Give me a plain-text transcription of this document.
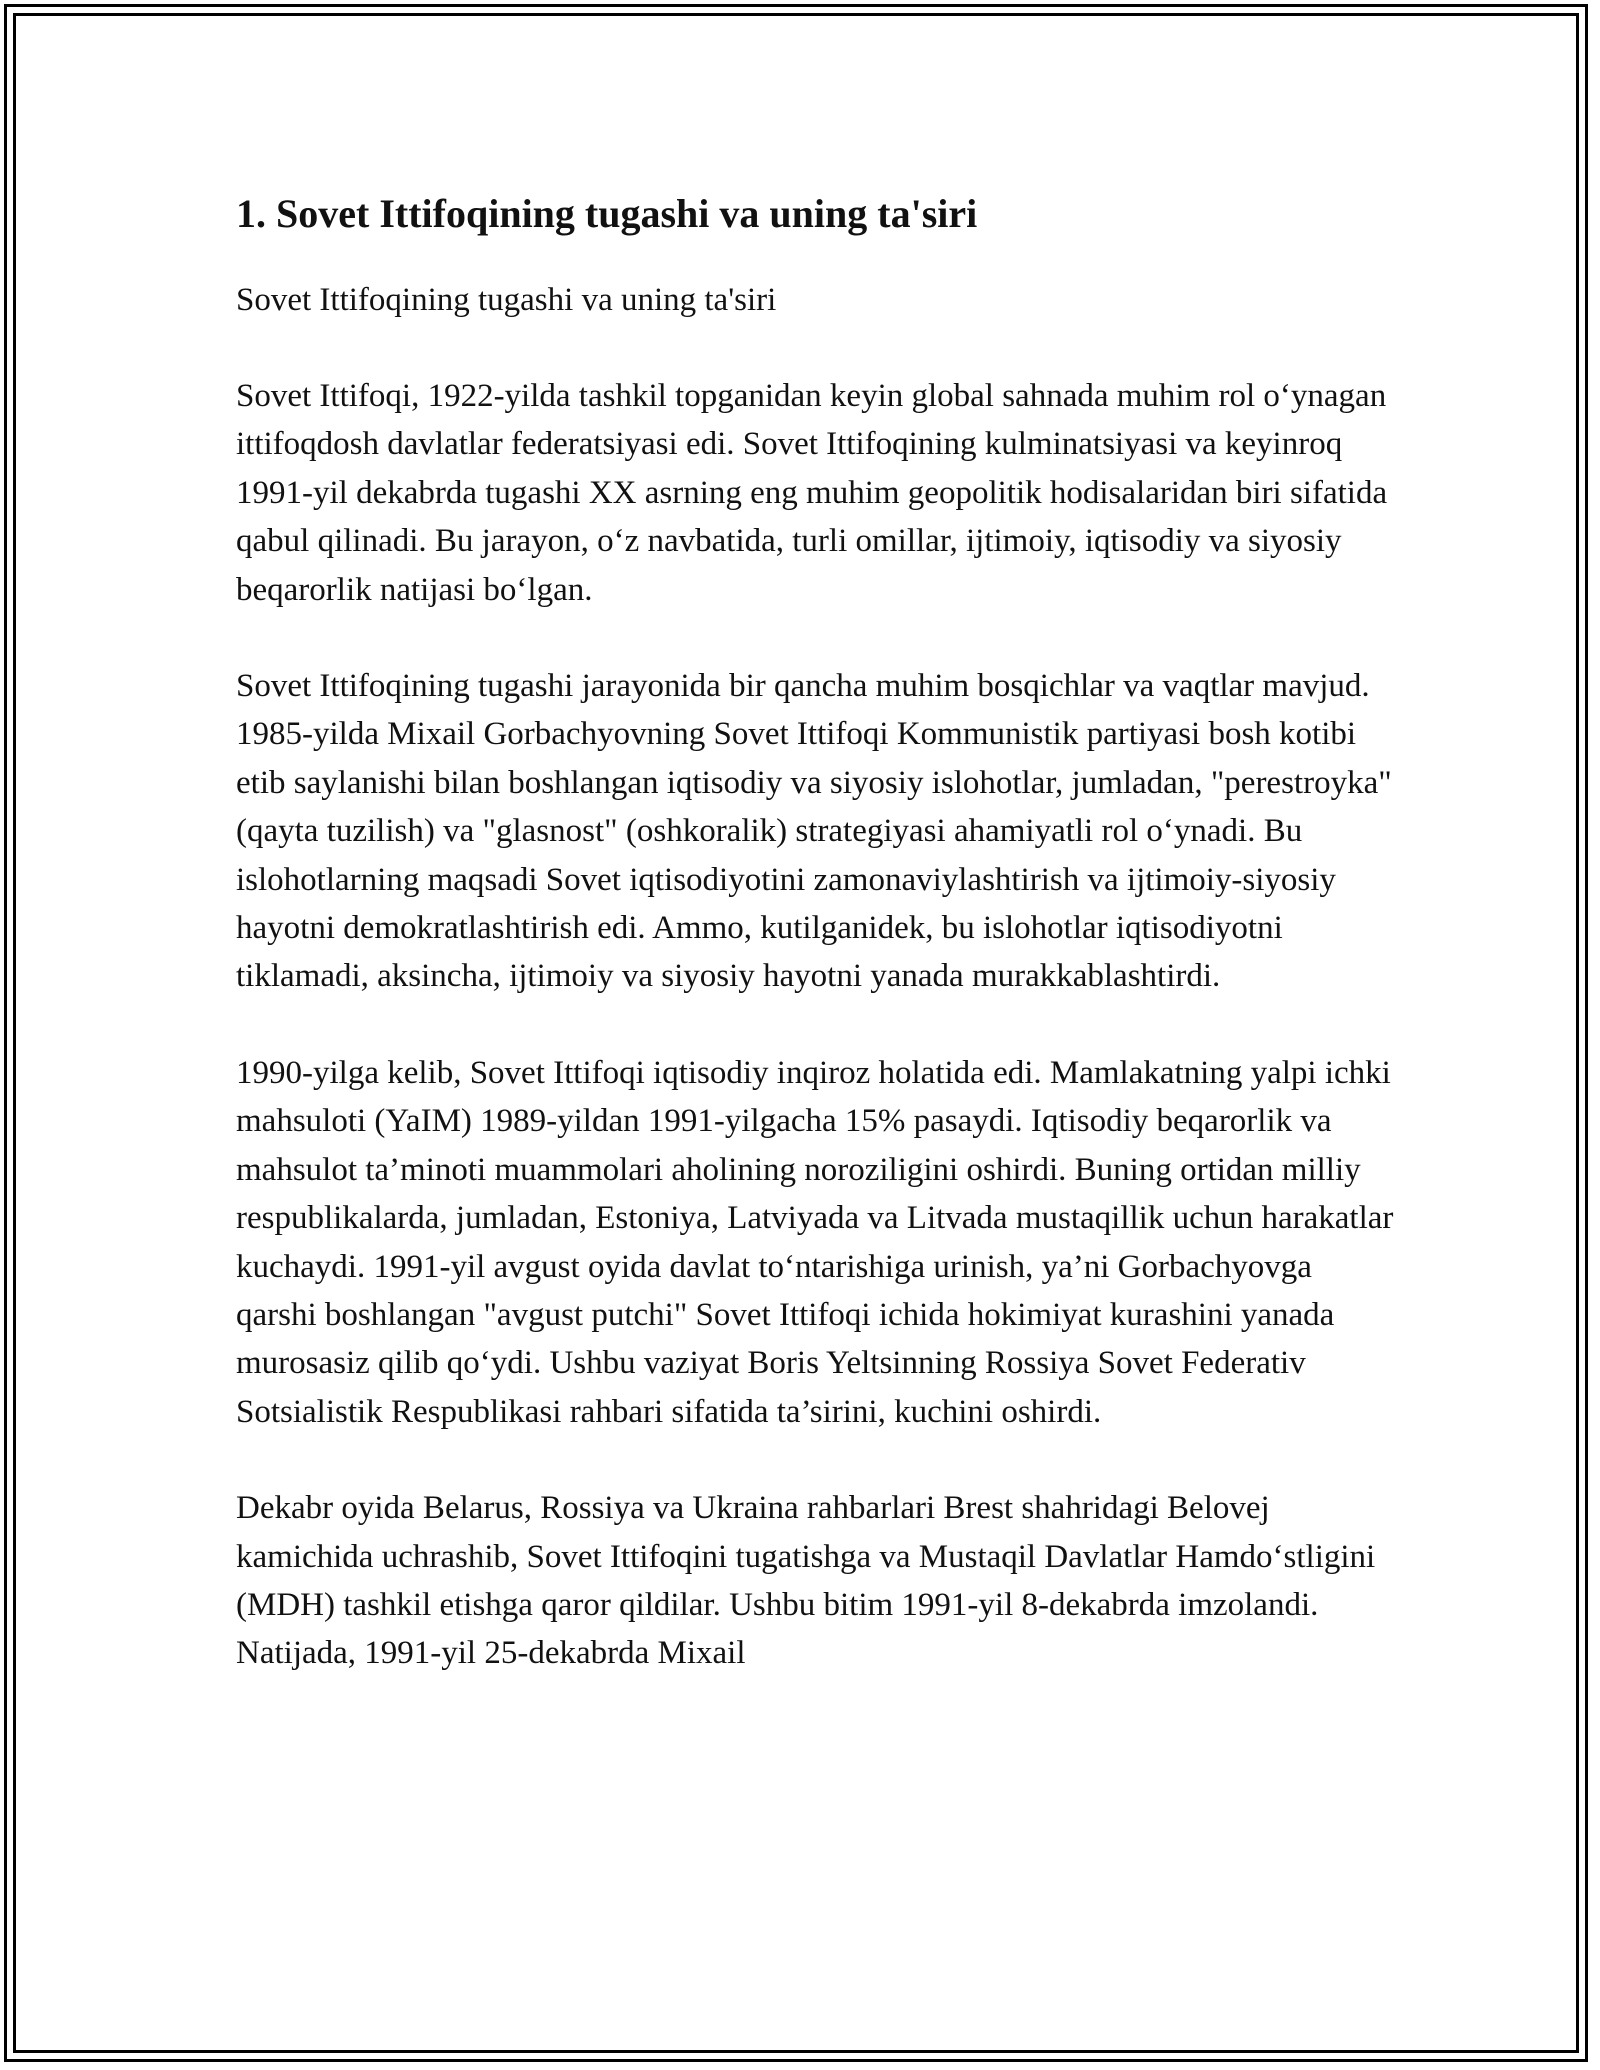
1. Sovet Ittifoqining tugashi va uning ta'siri

Sovet Ittifoqining tugashi va uning ta'siri

Sovet Ittifoqi, 1922-yilda tashkil topganidan keyin global sahnada muhim rol o‘ynagan ittifoqdosh davlatlar federatsiyasi edi. Sovet Ittifoqining kulminatsiyasi va keyinroq 1991-yil dekabrda tugashi XX asrning eng muhim geopolitik hodisalaridan biri sifatida qabul qilinadi. Bu jarayon, o‘z navbatida, turli omillar, ijtimoiy, iqtisodiy va siyosiy beqarorlik natijasi bo‘lgan.

Sovet Ittifoqining tugashi jarayonida bir qancha muhim bosqichlar va vaqtlar mavjud. 1985-yilda Mixail Gorbachyovning Sovet Ittifoqi Kommunistik partiyasi bosh kotibi etib saylanishi bilan boshlangan iqtisodiy va siyosiy islohotlar, jumladan, "perestroyka" (qayta tuzilish) va "glasnost" (oshkoralik) strategiyasi ahamiyatli rol o‘ynadi. Bu islohotlarning maqsadi Sovet iqtisodiyotini zamonaviylashtirish va ijtimoiy-siyosiy hayotni demokratlashtirish edi. Ammo, kutilganidek, bu islohotlar iqtisodiyotni tiklamadi, aksincha, ijtimoiy va siyosiy hayotni yanada murakkablashtirdi.

1990-yilga kelib, Sovet Ittifoqi iqtisodiy inqiroz holatida edi. Mamlakatning yalpi ichki mahsuloti (YaIM) 1989-yildan 1991-yilgacha 15% pasaydi. Iqtisodiy beqarorlik va mahsulot ta’minoti muammolari aholining noroziligini oshirdi. Buning ortidan milliy respublikalarda, jumladan, Estoniya, Latviyada va Litvada mustaqillik uchun harakatlar kuchaydi. 1991-yil avgust oyida davlat to‘ntarishiga urinish, ya’ni Gorbachyovga qarshi boshlangan "avgust putchi" Sovet Ittifoqi ichida hokimiyat kurashini yanada murosasiz qilib qo‘ydi. Ushbu vaziyat Boris Yeltsinning Rossiya Sovet Federativ Sotsialistik Respublikasi rahbari sifatida ta’sirini, kuchini oshirdi.

Dekabr oyida Belarus, Rossiya va Ukraina rahbarlari Brest shahridagi Belovej kamichida uchrashib, Sovet Ittifoqini tugatishga va Mustaqil Davlatlar Hamdo‘stligini (MDH) tashkil etishga qaror qildilar. Ushbu bitim 1991-yil 8-dekabrda imzolandi. Natijada, 1991-yil 25-dekabrda Mixail
